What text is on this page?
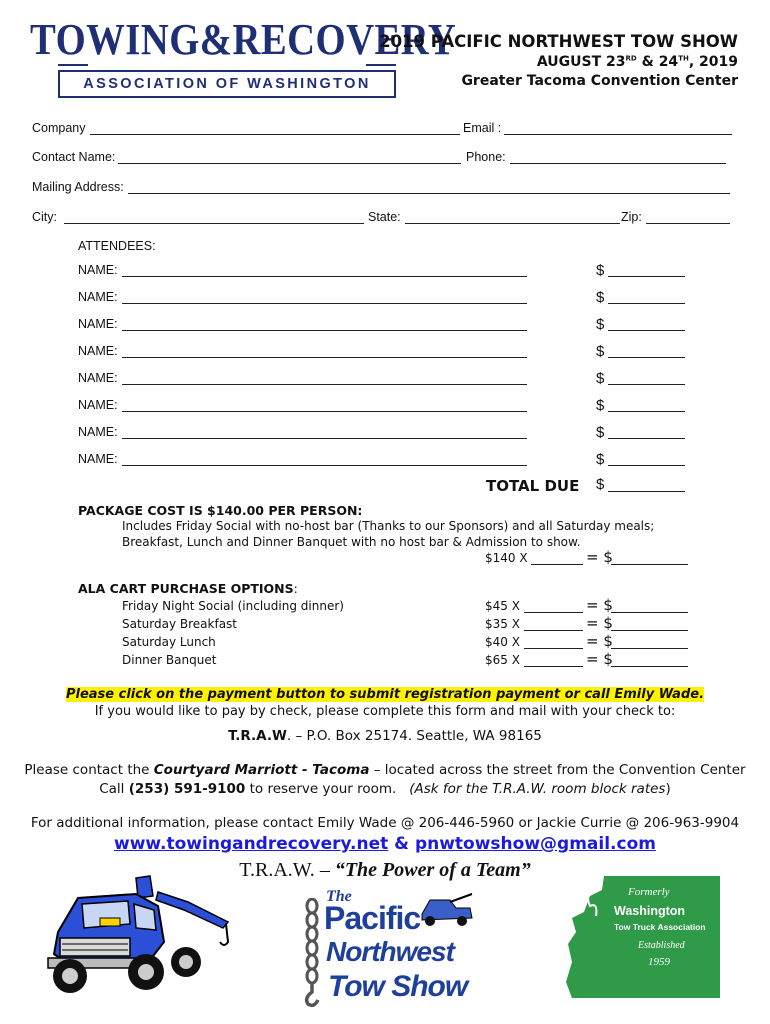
TOWING&RECOVERY
ASSOCIATION OF WASHINGTON
2019 PACIFIC NORTHWEST TOW SHOW
AUGUST 23RD & 24TH, 2019
Greater Tacoma Convention Center
Company	Email :
Contact Name:	Phone:
Mailing Address:
City:	State:	Zip:
ATTENDEES:
NAME:	$
NAME:	$
NAME:	$
NAME:	$
NAME:	$
NAME:	$
NAME:	$
NAME:	$
TOTAL DUE $
PACKAGE COST IS $140.00 PER PERSON:
Includes Friday Social with no-host bar (Thanks to our Sponsors) and all Saturday meals;
Breakfast, Lunch and Dinner Banquet with no host bar & Admission to show.
$140 X	= $
ALA CART PURCHASE OPTIONS:
Friday Night Social (including dinner)	$45 X	= $
Saturday Breakfast	$35 X	= $
Saturday Lunch	$40 X	= $
Dinner Banquet	$65 X	= $
Please click on the payment button to submit registration payment or call Emily Wade.
If you would like to pay by check, please complete this form and mail with your check to:
T.R.A.W. – P.O. Box 25174. Seattle, WA 98165
Please contact the Courtyard Marriott - Tacoma – located across the street from the Convention Center
Call (253) 591-9100 to reserve your room.   (Ask for the T.R.A.W. room block rates)
For additional information, please contact Emily Wade @ 206-446-5960 or Jackie Currie @ 206-963-9904
www.towingandrecovery.net & pnwtowshow@gmail.com
T.R.A.W. – “The Power of a Team”
The
Pacific
Northwest
Tow Show
Formerly
Washington
Tow Truck Association
Established
1959
